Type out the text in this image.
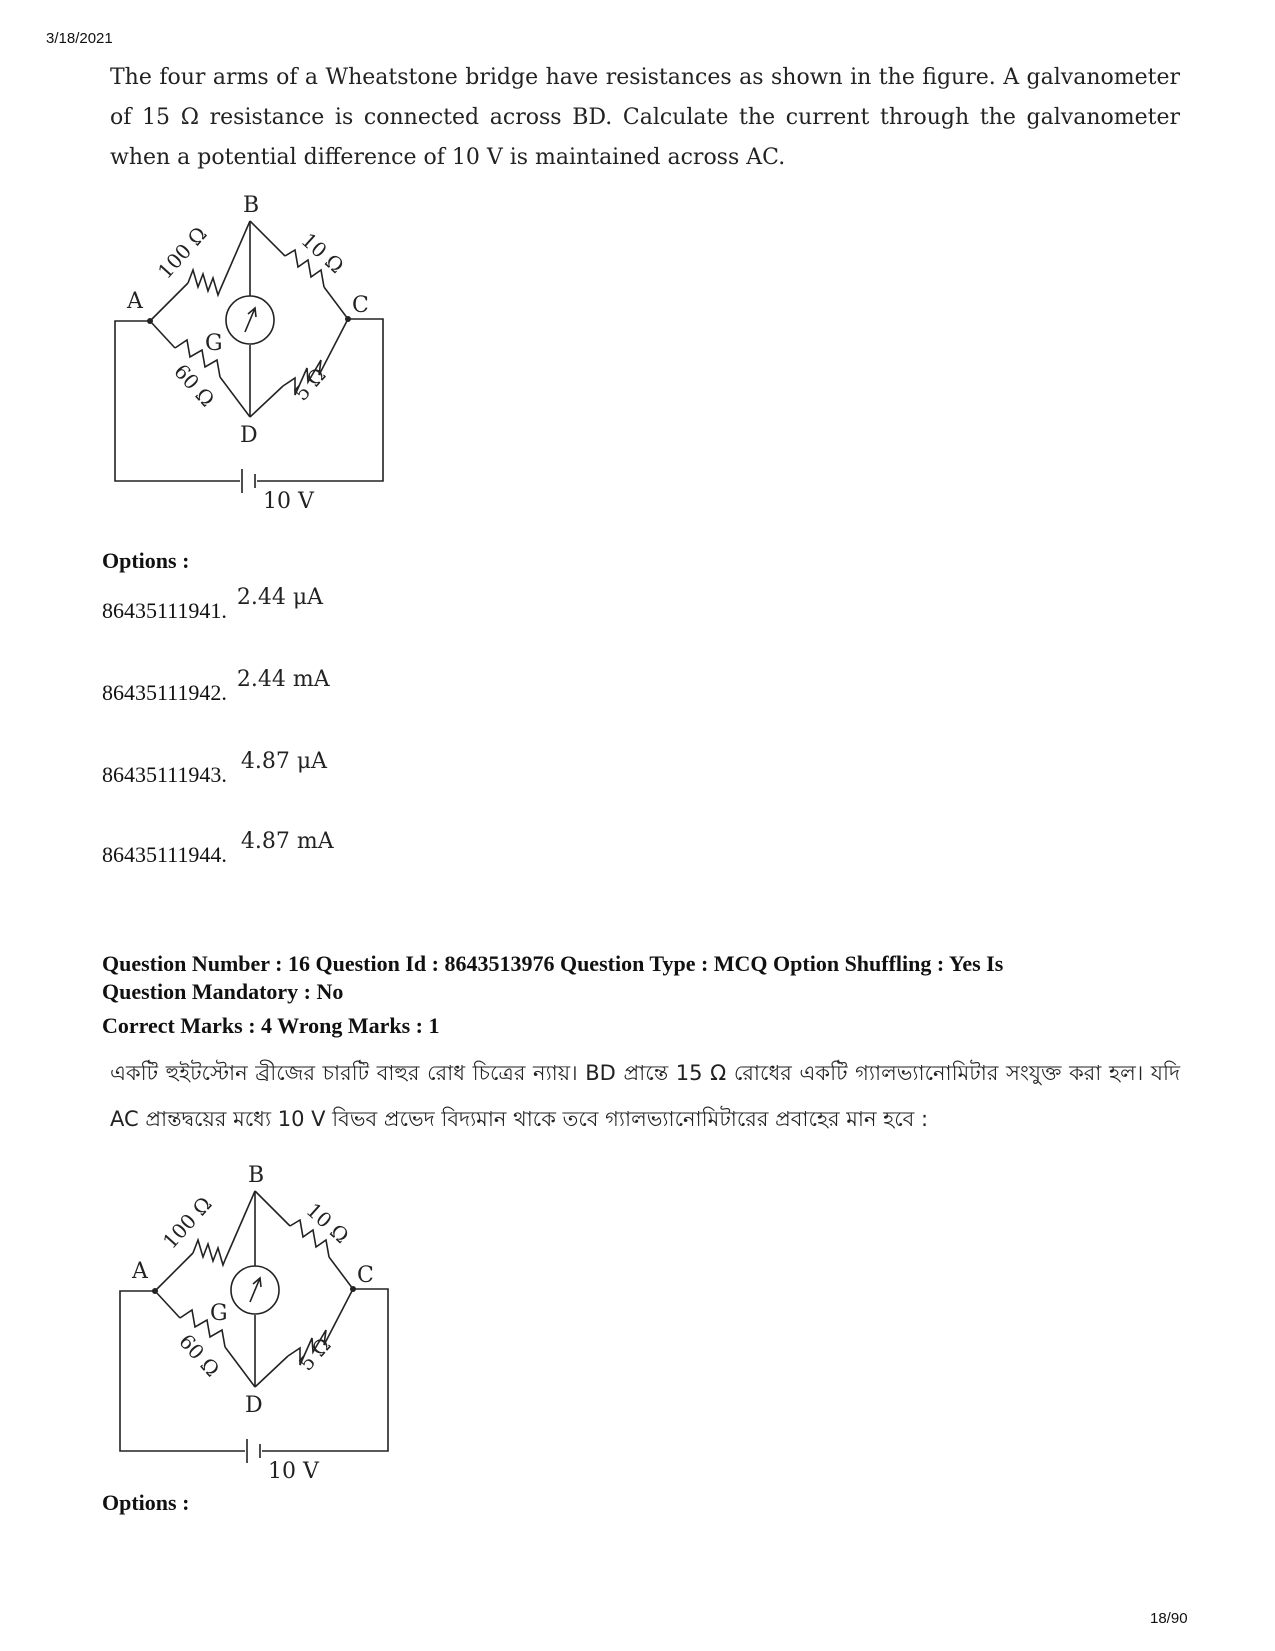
3/18/2021
The four arms of a Wheatstone bridge have resistances as shown in the figure. A galvanometer of 15 Ω resistance is connected across BD. Calculate the current through the galvanometer when a potential difference of 10 V is maintained across AC.
B
A	C
D
G
100 Ω	10 Ω
60 Ω	5 Ω
10 V
Options :
86435111941. 2.44 μA
86435111942. 2.44 mA
86435111943. 4.87 μA
86435111944. 4.87 mA
Question Number : 16 Question Id : 8643513976 Question Type : MCQ Option Shuffling : Yes Is
Question Mandatory : No
Correct Marks : 4 Wrong Marks : 1
একটি হুইটস্টোন ব্রীজের চারটি বাহুর রোধ চিত্রের ন্যায়। BD প্রান্তে 15 Ω রোধের একটি গ্যালভ্যানোমিটার সংযুক্ত করা হল। যদি AC প্রান্তদ্বয়ের মধ্যে 10 V বিভব প্রভেদ বিদ্যমান থাকে তবে গ্যালভ্যানোমিটারের প্রবাহের মান হবে :
B
A	C
D
G
100 Ω	10 Ω
60 Ω	5 Ω
10 V
Options :
18/90
